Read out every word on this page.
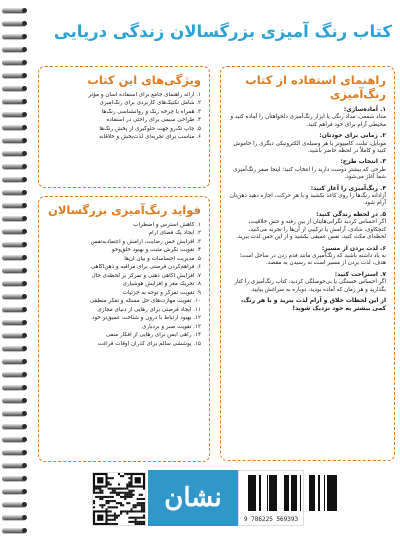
کتاب رنگ آمیزی بزرگسالان زندگی دریایی
راهنمای استفاده از کتاب رنگ‌آمیزی
۱. آماده‌سازی:
مداد شمعی، مداد رنگی یا ابزار رنگ‌آمیزی دلخواهتان را آماده کنید و محیطی آرام برای خود فراهم کنید.
۲. زمانی برای خودتان:
موبایل، تبلت، کامپیوتر یا هر وسیله‌ی الکترونیکی دیگری را خاموش کنید و کاملاً در لحظه حاضر باشید.
۳. انتخاب طرح:
طرحی که بیشتر دوست دارید را انتخاب کنید؛ اینجا صفر رنگ‌آمیزی شما آغاز می‌شود.
۴. رنگ‌آمیزی را آغاز کنید:
آزادانه رنگ‌ها را روی کاغذ بکشید و با هر حرکت، اجازه دهید ذهن‌تان آرام شود.
۵. در لحظه زندگی کنید:
اگر احساس کردید نگرانی‌هایتان از بین رفته و حس خلاقیت، کنجکاوی، شادی، آرامش یا ترکیبی از آن‌ها را تجربه می‌کنید، لحظه‌ای مکث کنید، نفس عمیقی بکشید و از این حس لذت ببرید.
۶. لذت بردن از مسیر:
به یاد داشته باشید که رنگ‌آمیزی مانند قدم زدن در ساحل است؛ هدف، لذت بردن از مسیر است نه رسیدن به مقصد.
۷. استراحت کنید:
اگر احساس خستگی یا بی‌حوصلگی کردید، کتاب رنگ‌آمیزی را کنار بگذارید و هر زمان که آماده بودید، دوباره به سراغش بیایید.
از این لحظات خلاق و آرام لذت ببرید و با هر رنگ، کمی بیشتر به خود نزدیک شوید!
ویژگی‌های این کتاب
۱. ارائه راهنمای جامع برای استفاده آسان و مؤثر
۲. شامل تکنیک‌های کاربردی برای رنگ‌آمیزی
۳. همراه با چرخه رنگ و روانشناسی رنگ‌ها
۴. طراحی سیمی برای راحتی در استفاده
۵. چاپ تک‌رو جهت جلوگیری از پخش رنگ‌ها
۶. مناسب برای تجربه‌ای لذت‌بخش و خلاقانه
فواید رنگ‌آمیزی بزرگسالان
۱. کاهش استرس و اضطراب
۲. ایجاد یک فضای آرام
۳. افزایش حس رضایت، آرامش و اعتمادبه‌نفس
۴. تقویت نگرش مثبت و بهبود خلق‌وخو
۵. مدیریت احساسات و بیان آن‌ها
۶. فراهم‌کردن فرصتی برای مراقبه و ذهن‌آگاهی
۷. افزایش آگاهی ذهنی و تمرکز بر لحظه‌ی حال
۸. تحریک مغز و افزایش هوشیاری
۹. تقویت تمرکز و توجه به جزئیات
۱۰. تقویت مهارت‌های حل مسئله و تفکر منطقی
۱۱. ایجاد فرصتی برای رهایی از دنیای مجازی
۱۲. بهبود ارتباط با درون و شناخت عمیق‌تر خود
۱۳. تقویت صبر و بردباری
۱۴. راهی ایمن برای رهایی از افکار منفی
۱۵. پوششی سالم برای گذران اوقات فراغت
نشان
9 786225 569393
